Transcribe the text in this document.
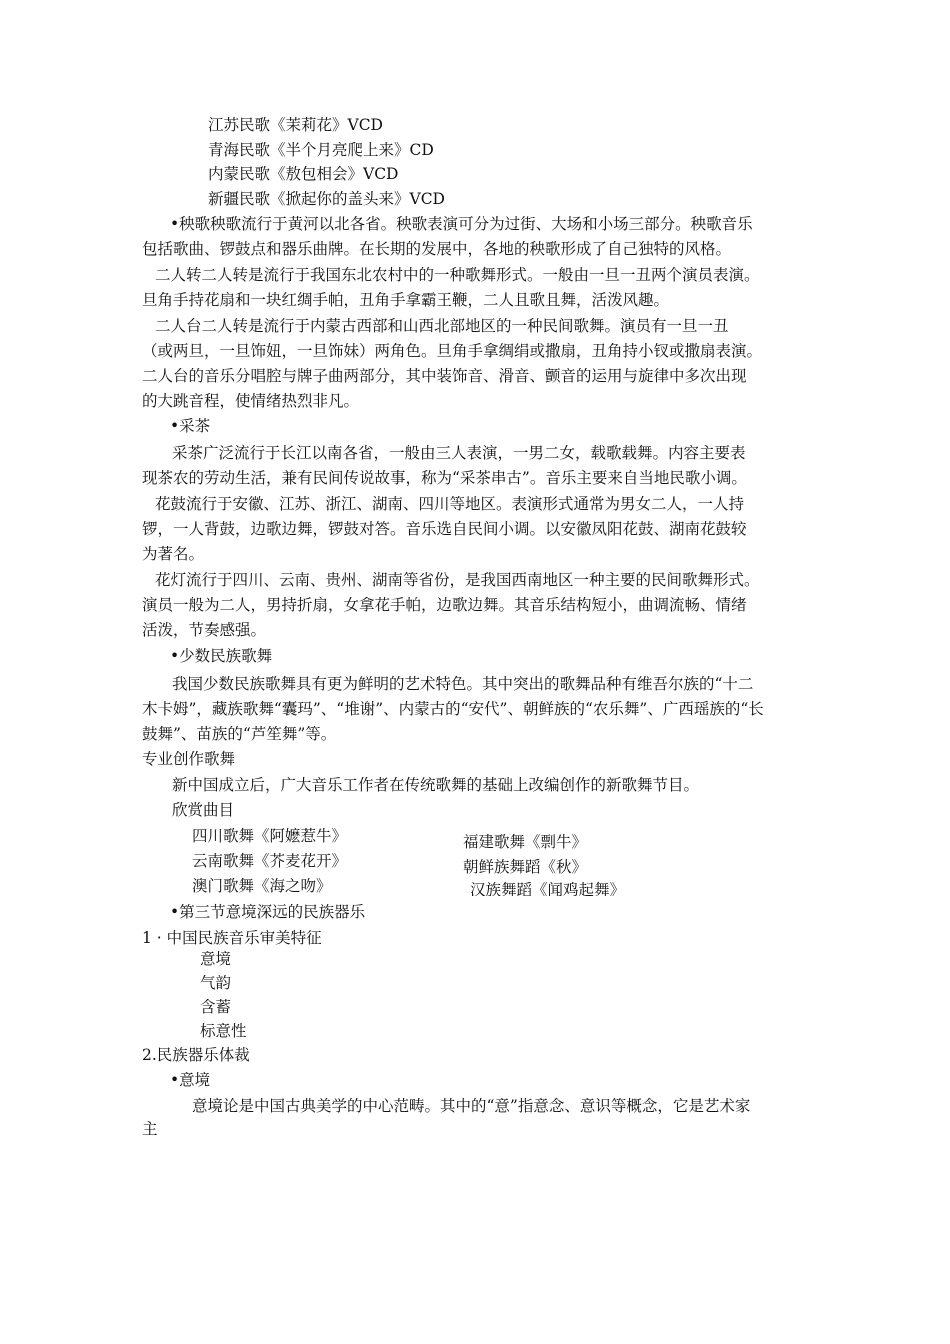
江苏民歌《茉莉花》VCD
青海民歌《半个月亮爬上来》CD
内蒙民歌《敖包相会》VCD
新疆民歌《掀起你的盖头来》VCD
• 秧歌秧歌流行于黄河以北各省。秧歌表演可分为过街、大场和小场三部分。秧歌音乐
包括歌曲、锣鼓点和器乐曲牌。在长期的发展中，各地的秧歌形成了自己独特的风格。
二人转二人转是流行于我国东北农村中的一种歌舞形式。一般由一旦一丑两个演员表演。
旦角手持花扇和一块红绸手帕，丑角手拿霸王鞭，二人且歌且舞，活泼风趣。
二人台二人转是流行于内蒙古西部和山西北部地区的一种民间歌舞。演员有一旦一丑
（或两旦，一旦饰妞，一旦饰妹）两角色。旦角手拿绸绢或撒扇，丑角持小钗或撒扇表演。
二人台的音乐分唱腔与牌子曲两部分，其中装饰音、滑音、颤音的运用与旋律中多次出现
的大跳音程，使情绪热烈非凡。
• 采茶
采茶广泛流行于长江以南各省，一般由三人表演，一男二女，载歌载舞。内容主要表
现茶农的劳动生活，兼有民间传说故事，称为“采茶串古”。音乐主要来自当地民歌小调。
花鼓流行于安徽、江苏、浙江、湖南、四川等地区。表演形式通常为男女二人，一人持
锣，一人背鼓，边歌边舞，锣鼓对答。音乐选自民间小调。以安徽凤阳花鼓、湖南花鼓较
为著名。
花灯流行于四川、云南、贵州、湖南等省份，是我国西南地区一种主要的民间歌舞形式。
演员一般为二人，男持折扇，女拿花手帕，边歌边舞。其音乐结构短小，曲调流畅、情绪
活泼，节奏感强。
• 少数民族歌舞
我国少数民族歌舞具有更为鲜明的艺术特色。其中突出的歌舞品种有维吾尔族的“十二
木卡姆”，藏族歌舞“囊玛”、“堆谢”、内蒙古的“安代”、朝鲜族的“农乐舞”、广西瑶族的“长
鼓舞”、苗族的“芦笙舞”等。
专业创作歌舞
新中国成立后，广大音乐工作者在传统歌舞的基础上改编创作的新歌舞节目。
欣赏曲目
四川歌舞《阿嬷惹牛》
云南歌舞《芥麦花开》
澳门歌舞《海之吻》
福建歌舞《剽牛》
朝鲜族舞蹈《秋》
汉族舞蹈《闻鸡起舞》
• 第三节意境深远的民族器乐
1 · 中国民族音乐审美特征
意境
气韵
含蓄
标意性
2.民族器乐体裁
• 意境
意境论是中国古典美学的中心范畴。其中的“意”指意念、意识等概念，它是艺术家
主
